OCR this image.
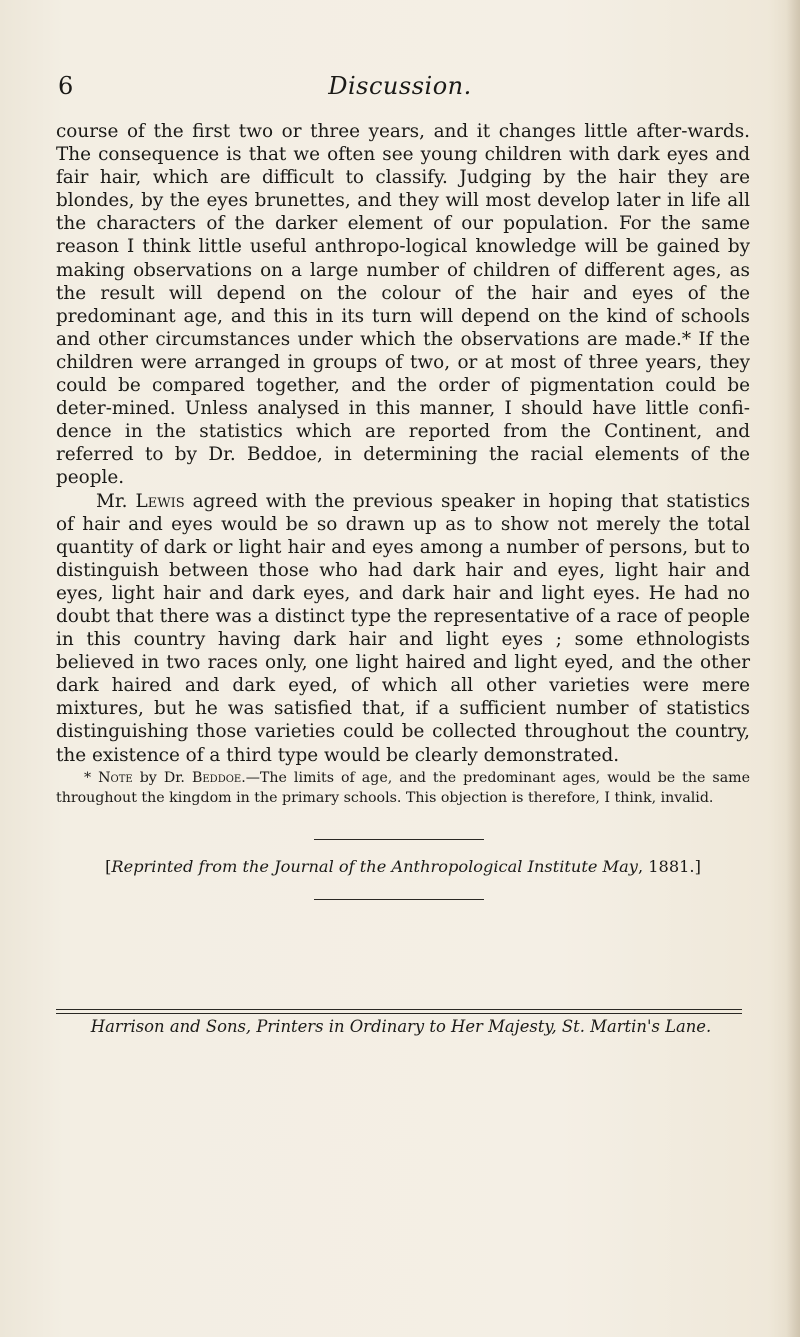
6	Discussion.

course of the first two or three years, and it changes little after-wards. The consequence is that we often see young children with dark eyes and fair hair, which are difficult to classify. Judging by the hair they are blondes, by the eyes brunettes, and they will most develop later in life all the characters of the darker element of our population. For the same reason I think little useful anthropo-logical knowledge will be gained by making observations on a large number of children of different ages, as the result will depend on the colour of the hair and eyes of the predominant age, and this in its turn will depend on the kind of schools and other circumstances under which the observations are made.* If the children were arranged in groups of two, or at most of three years, they could be compared together, and the order of pigmentation could be deter-mined. Unless analysed in this manner, I should have little confi-dence in the statistics which are reported from the Continent, and referred to by Dr. Beddoe, in determining the racial elements of the people.

Mr. Lewis agreed with the previous speaker in hoping that statistics of hair and eyes would be so drawn up as to show not merely the total quantity of dark or light hair and eyes among a number of persons, but to distinguish between those who had dark hair and eyes, light hair and eyes, light hair and dark eyes, and dark hair and light eyes. He had no doubt that there was a distinct type the representative of a race of people in this country having dark hair and light eyes ; some ethnologists believed in two races only, one light haired and light eyed, and the other dark haired and dark eyed, of which all other varieties were mere mixtures, but he was satisfied that, if a sufficient number of statistics distinguishing those varieties could be collected throughout the country, the existence of a third type would be clearly demonstrated.

* Note by Dr. Beddoe.—The limits of age, and the predominant ages, would be the same throughout the kingdom in the primary schools. This objection is therefore, I think, invalid.
[Reprinted from the Journal of the Anthropological Institute May, 1881.]
Harrison and Sons, Printers in Ordinary to Her Majesty, St. Martin's Lane.
